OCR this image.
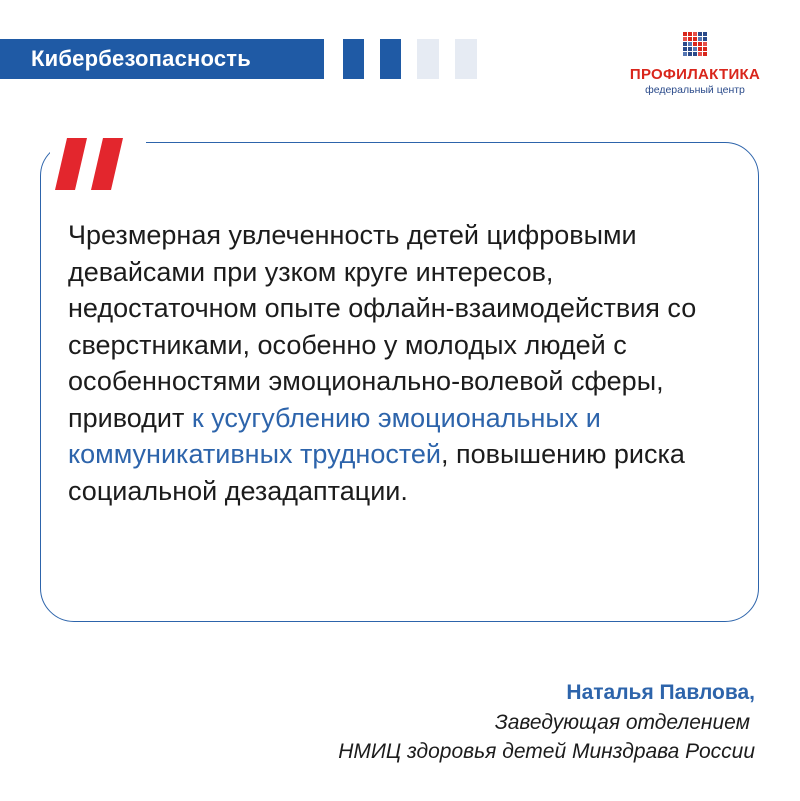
Кибербезопасность
ПРОФИЛАКТИКА
федеральный центр

Чрезмерная увлеченность детей цифровыми девайсами при узком круге интересов, недостаточном опыте офлайн-взаимодействия со сверстниками, особенно у молодых людей с особенностями эмоционально-волевой сферы, приводит к усугублению эмоциональных и коммуникативных трудностей, повышению риска социальной дезадаптации.

Наталья Павлова,
Заведующая отделением
НМИЦ здоровья детей Минздрава России
